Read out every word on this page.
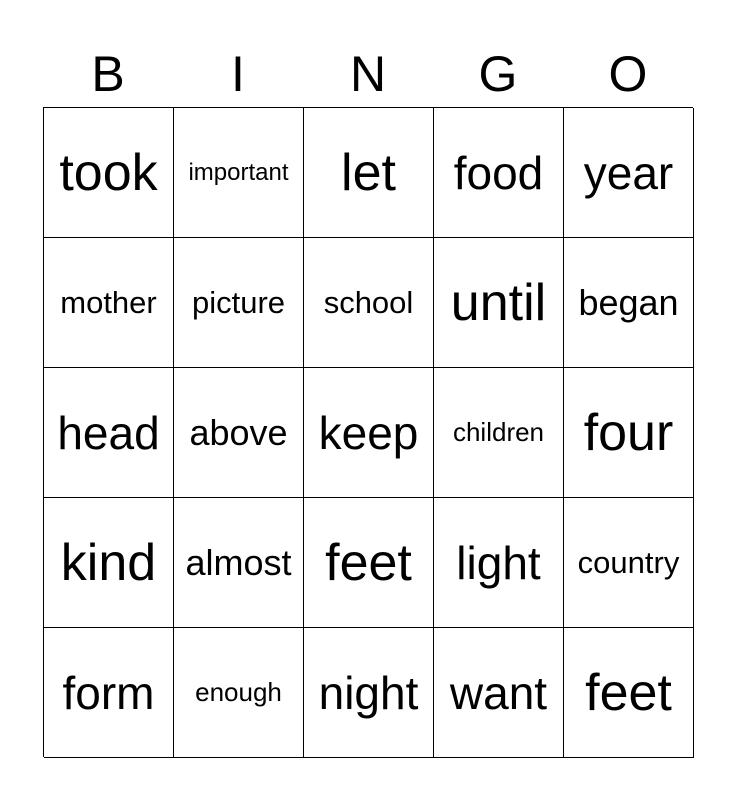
B	I	N	G	O
took	important	let	food year
mother	picture	school until began
head above keep	children four
kind almost feet light	country
form	enough night want feet
